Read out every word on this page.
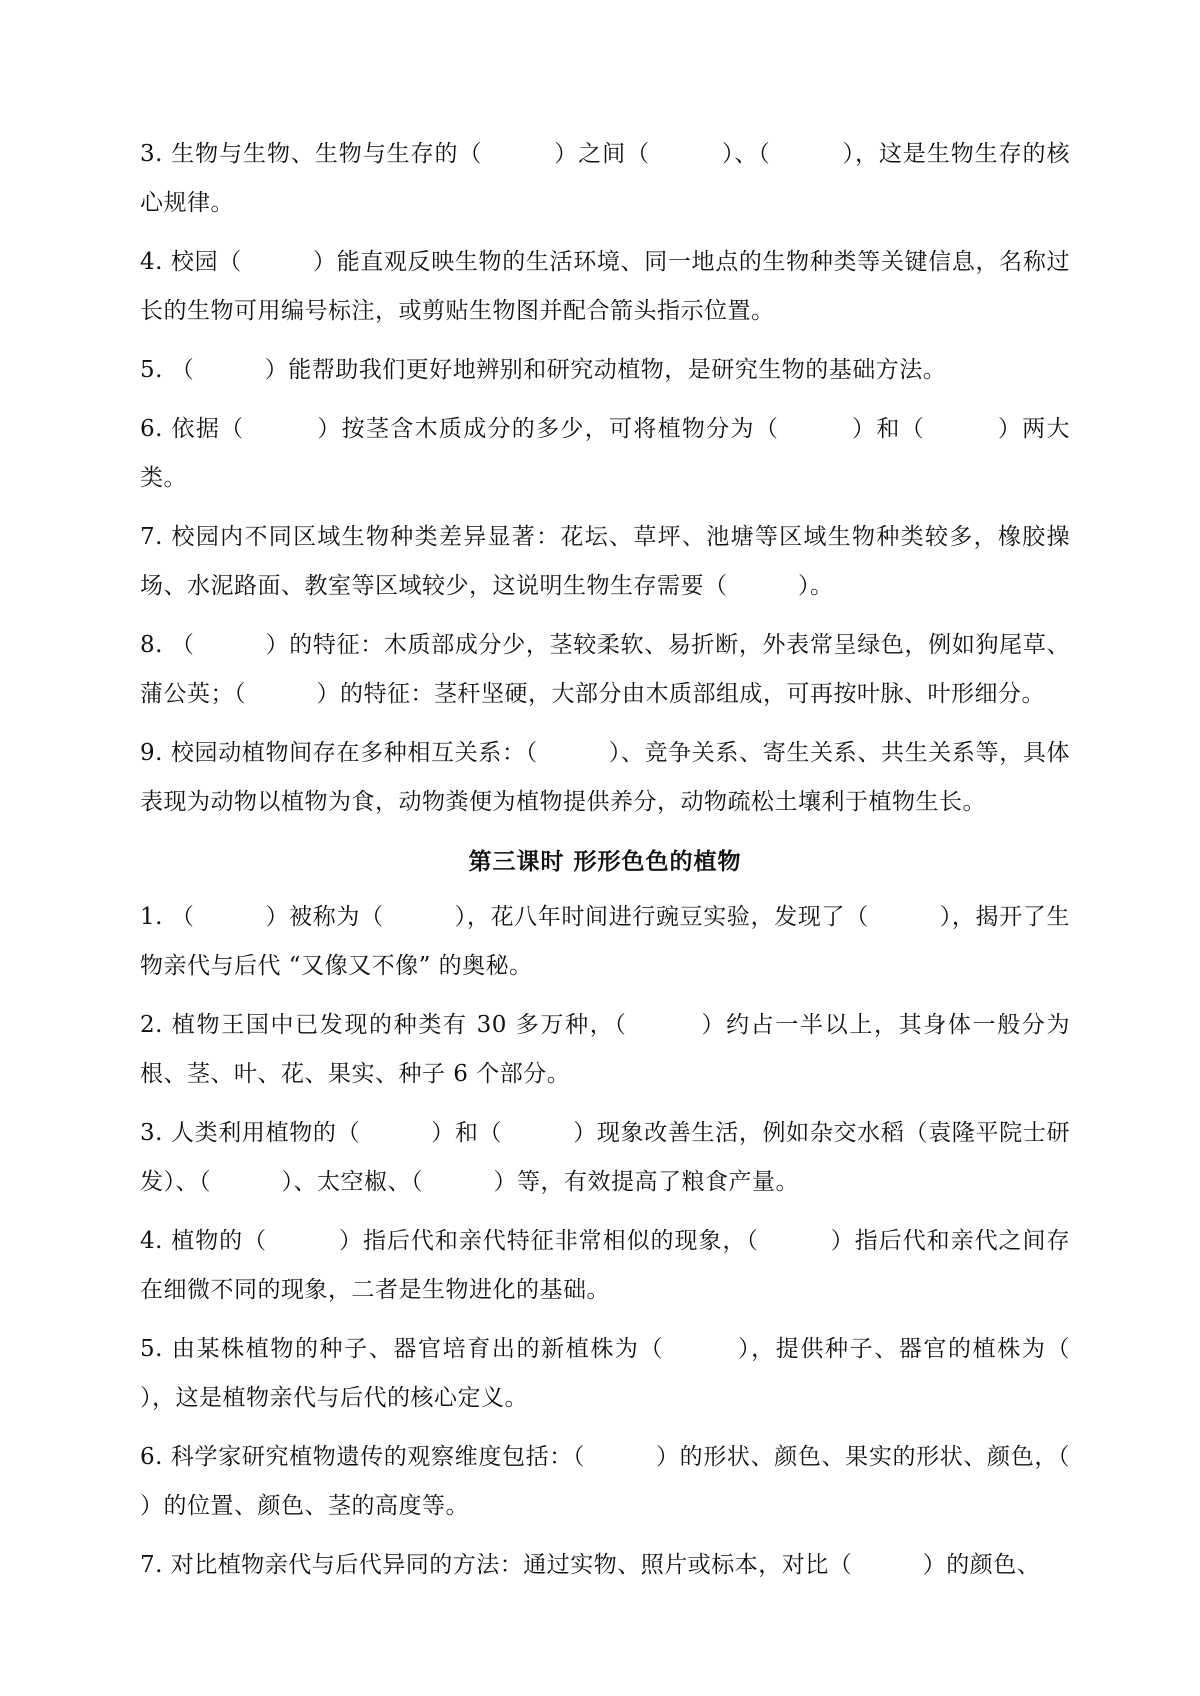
3. 生物与生物、生物与生存的（　　　）之间（　　　）、（　　　），这是生物生存的核心规律。

4. 校园（　　　）能直观反映生物的生活环境、同一地点的生物种类等关键信息，名称过长的生物可用编号标注，或剪贴生物图并配合箭头指示位置。

5. （　　　）能帮助我们更好地辨别和研究动植物，是研究生物的基础方法。

6. 依据（　　　）按茎含木质成分的多少，可将植物分为（　　　）和（　　　）两大类。

7. 校园内不同区域生物种类差异显著：花坛、草坪、池塘等区域生物种类较多，橡胶操场、水泥路面、教室等区域较少，这说明生物生存需要（　　　）。

8. （　　　）的特征：木质部成分少，茎较柔软、易折断，外表常呈绿色，例如狗尾草、蒲公英；（　　　）的特征：茎秆坚硬，大部分由木质部组成，可再按叶脉、叶形细分。

9. 校园动植物间存在多种相互关系：（　　　）、竞争关系、寄生关系、共生关系等，具体表现为动物以植物为食，动物粪便为植物提供养分，动物疏松土壤利于植物生长。

第三课时 形形色色的植物

1. （　　　）被称为（　　　），花八年时间进行豌豆实验，发现了（　　　），揭开了生物亲代与后代 “又像又不像” 的奥秘。

2. 植物王国中已发现的种类有 30 多万种，（　　　）约占一半以上，其身体一般分为根、茎、叶、花、果实、种子 6 个部分。

3. 人类利用植物的（　　　）和（　　　）现象改善生活，例如杂交水稻（袁隆平院士研发）、（　　　）、太空椒、（　　　）等，有效提高了粮食产量。

4. 植物的（　　　）指后代和亲代特征非常相似的现象，（　　　）指后代和亲代之间存在细微不同的现象，二者是生物进化的基础。

5. 由某株植物的种子、器官培育出的新植株为（　　　），提供种子、器官的植株为（　　　），这是植物亲代与后代的核心定义。

6. 科学家研究植物遗传的观察维度包括：（　　　）的形状、颜色、果实的形状、颜色，（　　　）的位置、颜色、茎的高度等。

7. 对比植物亲代与后代异同的方法：通过实物、照片或标本，对比（　　　）的颜色、
